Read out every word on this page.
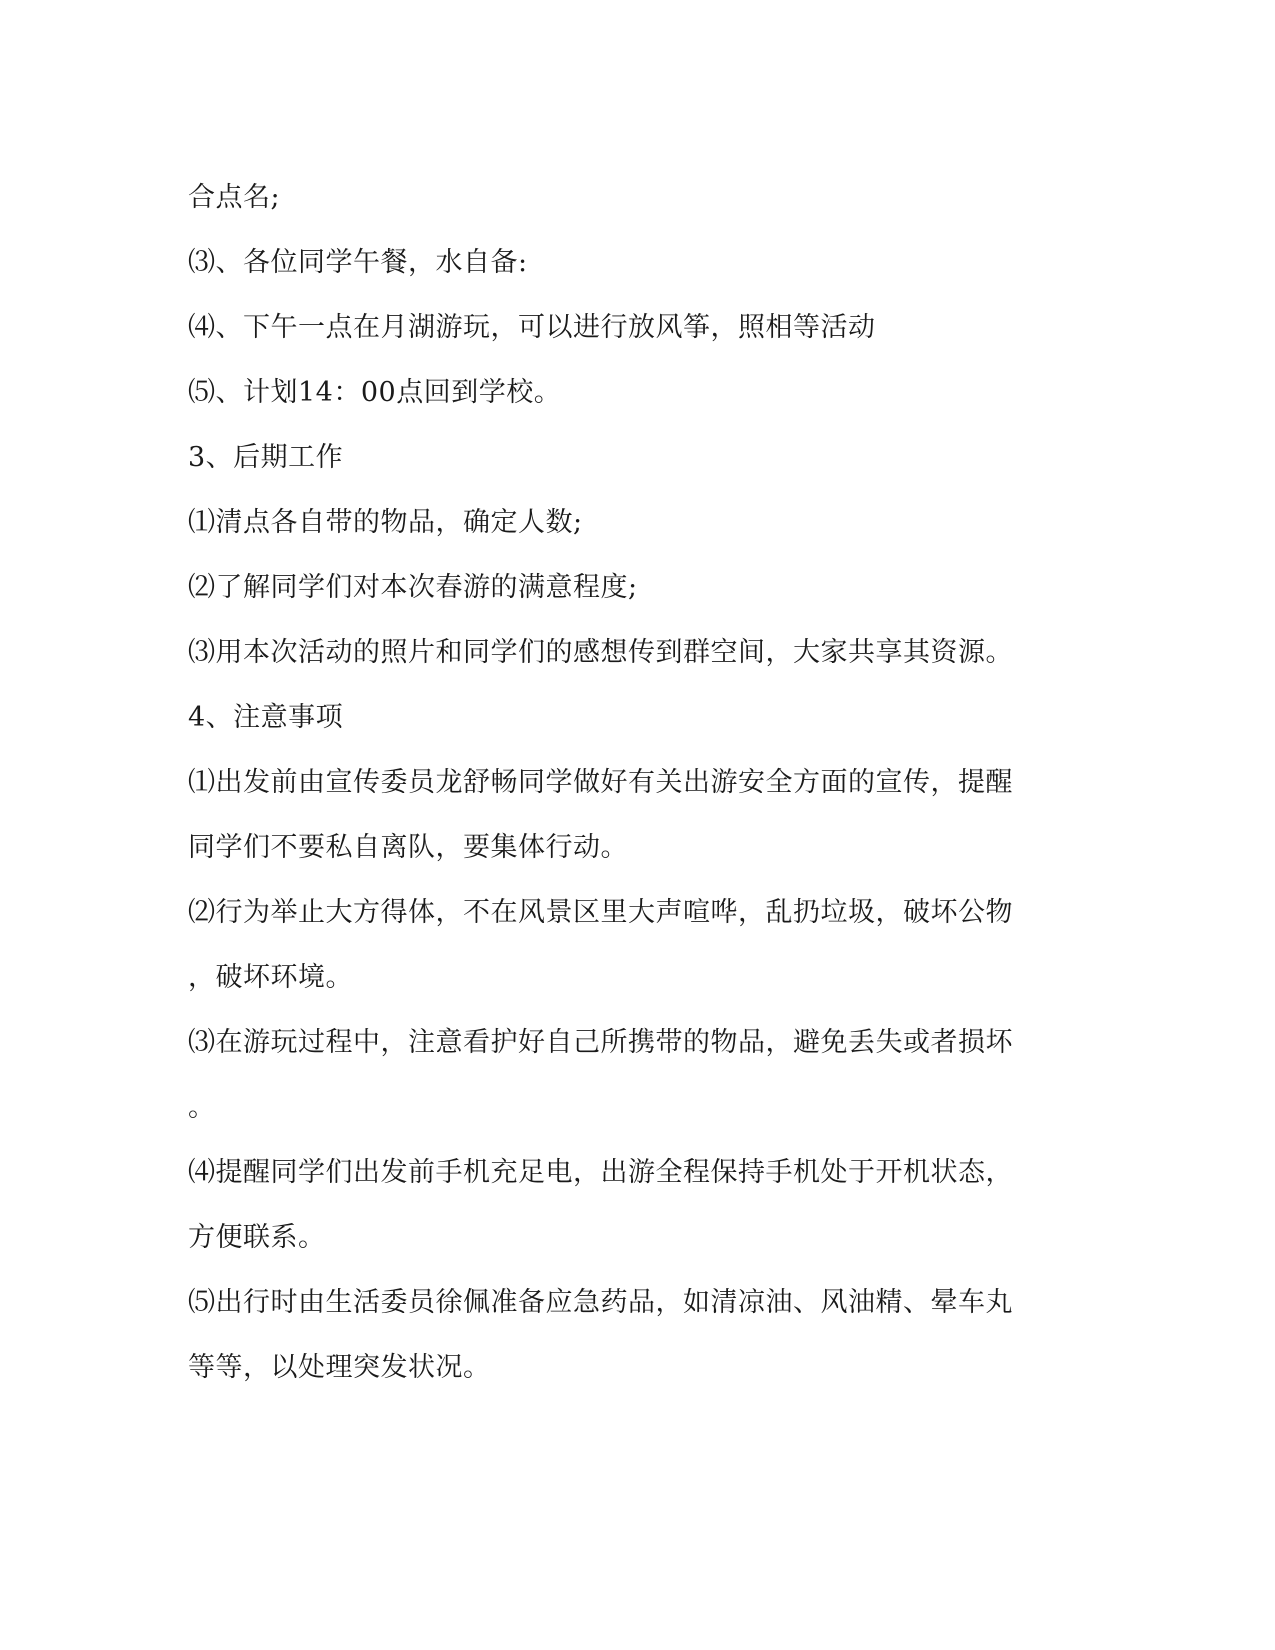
合点名;
⑶、各位同学午餐，水自备:
⑷、下午一点在月湖游玩，可以进行放风筝，照相等活动
⑸、计划14：00点回到学校。
3、后期工作
⑴清点各自带的物品，确定人数;
⑵了解同学们对本次春游的满意程度;
⑶用本次活动的照片和同学们的感想传到群空间，大家共享其资源。
4、注意事项
⑴出发前由宣传委员龙舒畅同学做好有关出游安全方面的宣传，提醒
同学们不要私自离队，要集体行动。
⑵行为举止大方得体，不在风景区里大声喧哗，乱扔垃圾，破坏公物
，破坏环境。
⑶在游玩过程中，注意看护好自己所携带的物品，避免丢失或者损坏
。
⑷提醒同学们出发前手机充足电，出游全程保持手机处于开机状态，
方便联系。
⑸出行时由生活委员徐佩准备应急药品，如清凉油、风油精、晕车丸
等等，以处理突发状况。
